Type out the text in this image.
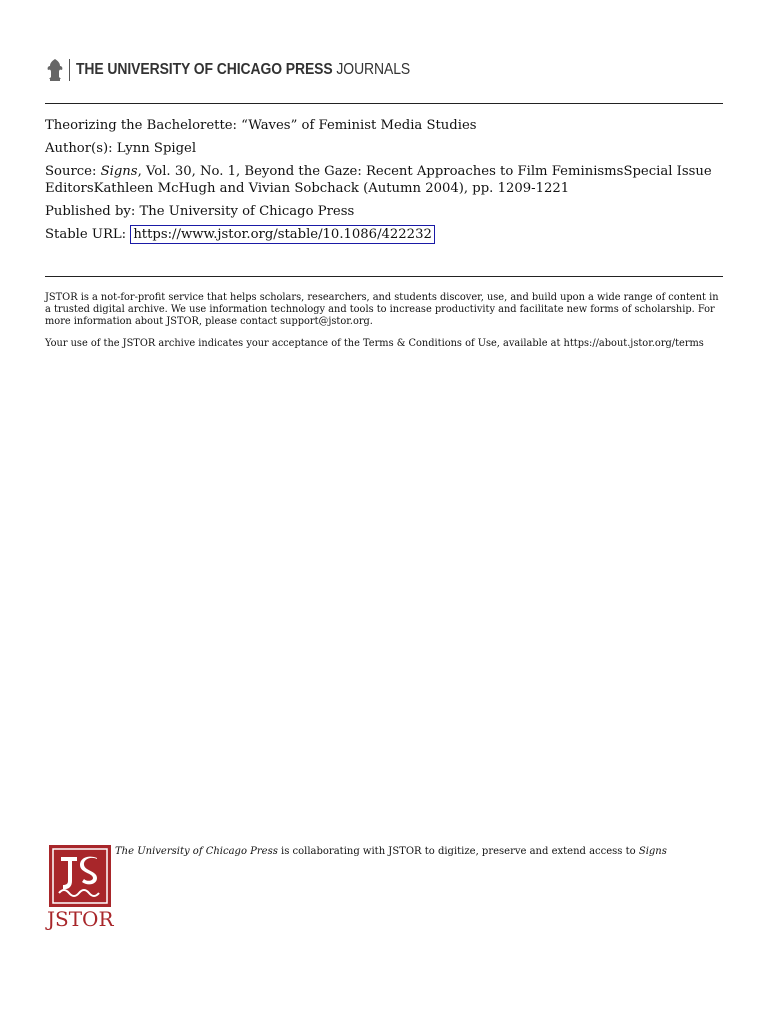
THE UNIVERSITY OF CHICAGO PRESS JOURNALS

Theorizing the Bachelorette: “Waves” of Feminist Media Studies

Author(s): Lynn Spigel

Source: Signs, Vol. 30, No. 1, Beyond the Gaze: Recent Approaches to Film FeminismsSpecial Issue EditorsKathleen McHugh and Vivian Sobchack (Autumn 2004), pp. 1209-1221

Published by: The University of Chicago Press

Stable URL: https://www.jstor.org/stable/10.1086/422232

JSTOR is a not-for-profit service that helps scholars, researchers, and students discover, use, and build upon a wide range of content in a trusted digital archive. We use information technology and tools to increase productivity and facilitate new forms of scholarship. For more information about JSTOR, please contact support@jstor.org.

Your use of the JSTOR archive indicates your acceptance of the Terms & Conditions of Use, available at https://about.jstor.org/terms

JSTOR
The University of Chicago Press is collaborating with JSTOR to digitize, preserve and extend access to Signs
